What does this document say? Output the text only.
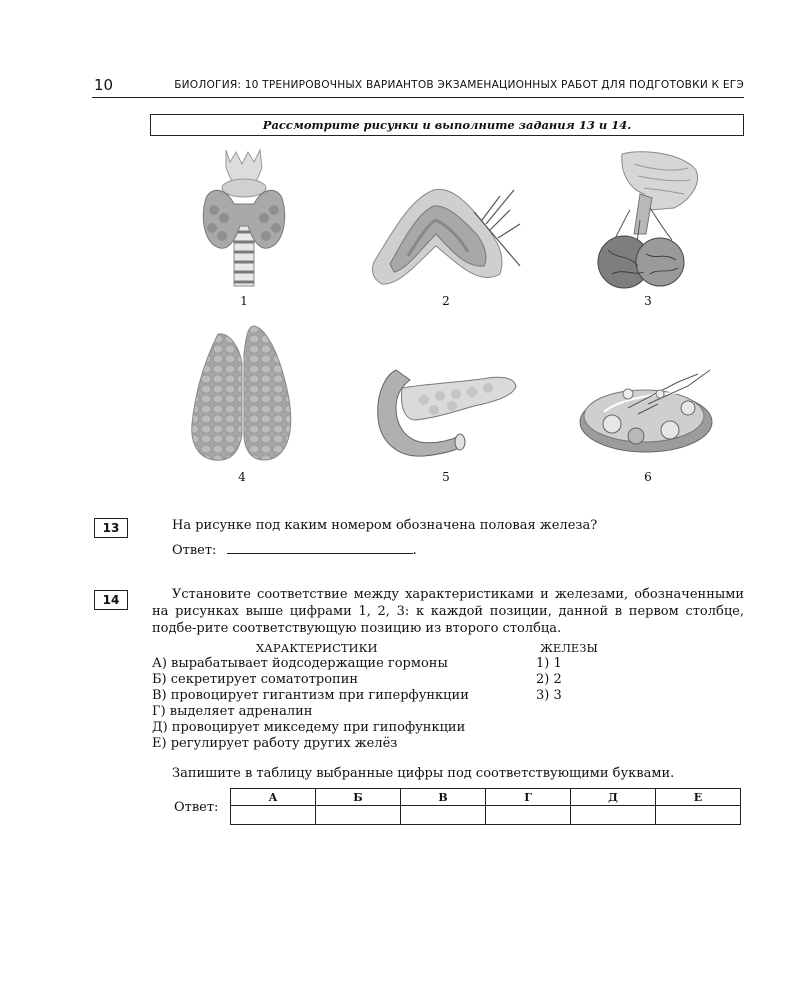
10	БИОЛОГИЯ: 10 ТРЕНИРОВОЧНЫХ ВАРИАНТОВ ЭКЗАМЕНАЦИОННЫХ РАБОТ ДЛЯ ПОДГОТОВКИ К ЕГЭ
Рассмотрите рисунки и выполните задания 13 и 14.
1	2	3
4	5	6
13	На рисунке под каким номером обозначена половая железа?
Ответ:	.
14	Установите соответствие между характеристиками и железами, обозначенными на рисунках выше цифрами 1, 2, 3: к каждой позиции, данной в первом столбце, подбе-рите соответствующую позицию из второго столбца.
ХАРАКТЕРИСТИКИ	ЖЕЛЕЗЫ
А) вырабатывает йодсодержащие гормоны
Б) секретирует соматотропин
В) провоцирует гигантизм при гиперфункции
Г) выделяет адреналин
Д) провоцирует микседему при гипофункции
Е) регулирует работу других желёз
1) 1
2) 2
3) 3
Запишите в таблицу выбранные цифры под соответствующими буквами.
Ответ:
А	Б	В	Г	Д	Е
